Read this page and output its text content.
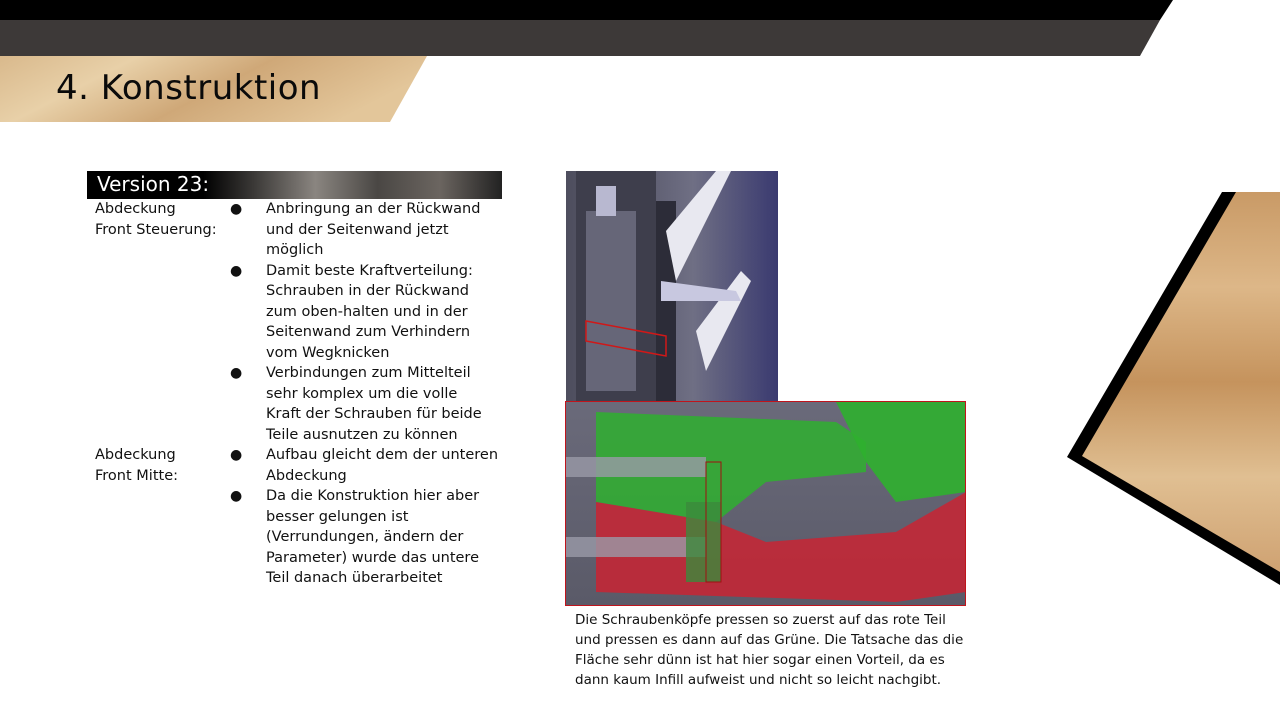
4. Konstruktion
Version 23:
Abdeckung
Front Steuerung:
● Anbringung an der Rückwand
und der Seitenwand jetzt
möglich
● Damit beste Kraftverteilung:
Schrauben in der Rückwand
zum oben-halten und in der
Seitenwand zum Verhindern
vom Wegknicken
● Verbindungen zum Mittelteil
sehr komplex um die volle
Kraft der Schrauben für beide
Teile ausnutzen zu können
Abdeckung
Front Mitte:
● Aufbau gleicht dem der unteren
Abdeckung
● Da die Konstruktion hier aber
besser gelungen ist
(Verrundungen, ändern der
Parameter) wurde das untere
Teil danach überarbeitet
Die Schraubenköpfe pressen so zuerst auf das rote Teil
und pressen es dann auf das Grüne. Die Tatsache das die
Fläche sehr dünn ist hat hier sogar einen Vorteil, da es
dann kaum Infill aufweist und nicht so leicht nachgibt.
